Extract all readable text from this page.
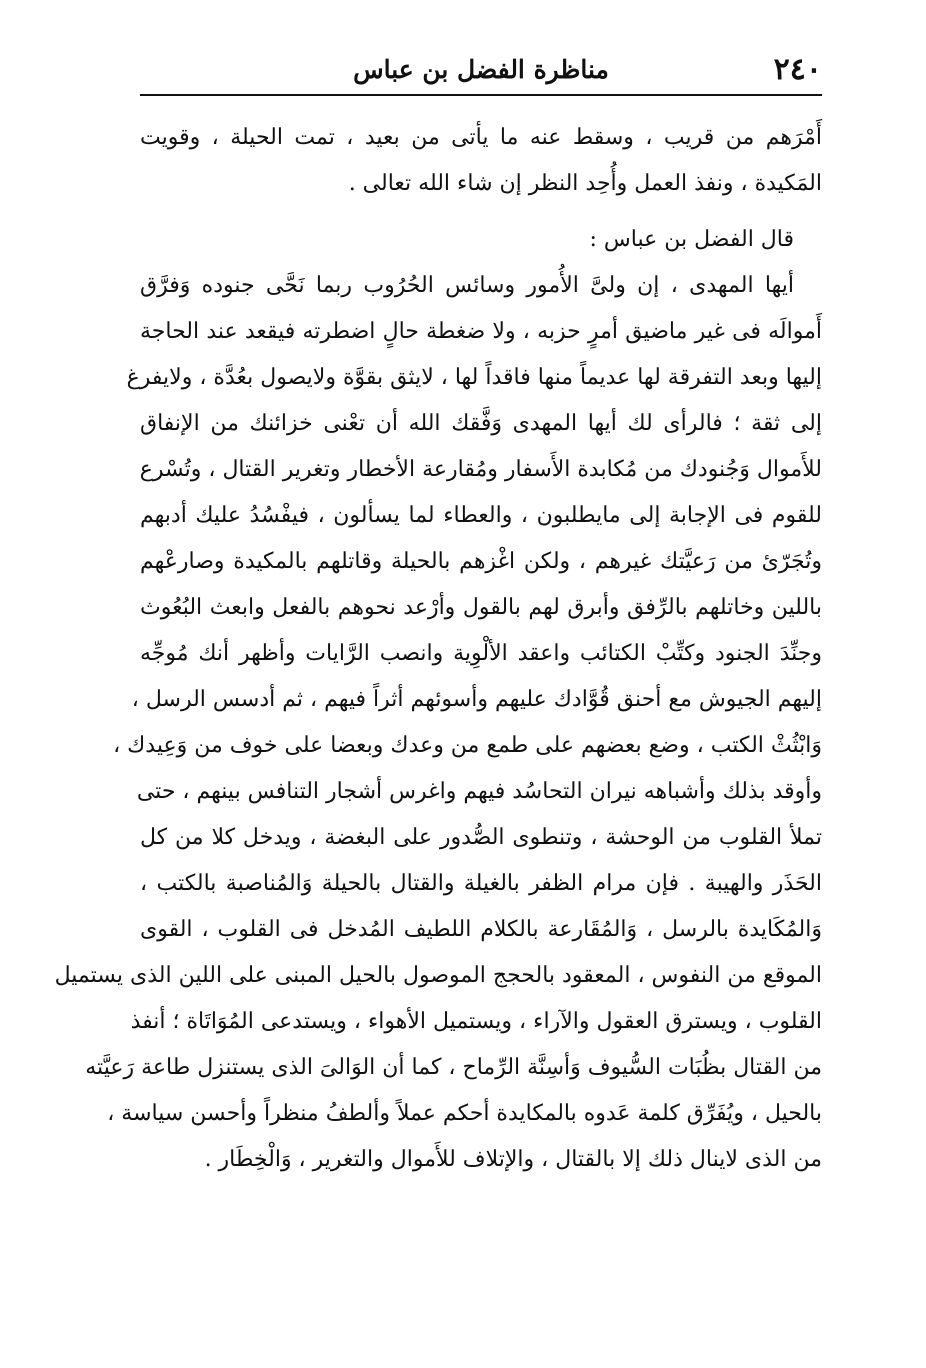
٢٤٠
مناظرة الفضل بن عباس
أَمْرَهم من قريب ، وسقط عنه ما يأتى من بعيد ، تمت الحيلة ، وقويت
المَكيدة ، ونفذ العمل وأُحِد النظر إن شاء الله تعالى .
قال الفضل بن عباس :
أيها المهدى ، إن ولىَّ الأُمور وسائس الحُرُوب ربما نَحَّى جنوده وَفرَّق
أَموالَه فى غير ماضيق أمرٍ حزبه ، ولا ضغطة حالٍ اضطرته فيقعد عند الحاجة
إليها وبعد التفرقة لها عديماً منها فاقداً لها ، لايثق بقوَّة ولايصول بعُدَّة ، ولايفرغ
إلى ثقة ؛ فالرأى لك أيها المهدى وَفَّقك الله أن تعْنى خزائنك من الإنفاق
للأَموال وَجُنودك من مُكابدة الأَسفار ومُقارعة الأخطار وتغرير القتال ، وتُسْرع
للقوم فى الإجابة إلى مايطلبون ، والعطاء لما يسألون ، فيفْسُدُ عليك أدبهم
وتُجَرّئ من رَعيَّتك غيرهم ، ولكن اغْزهم بالحيلة وقاتلهم بالمكيدة وصارعْهم
باللين وخاتلهم بالرِّفق وأبرق لهم بالقول وأرْعد نحوهم بالفعل وابعث البُعُوث
وجنِّدَ الجنود وكتِّبْ الكتائب واعقد الألْوِية وانصب الرَّايات وأظهر أنك مُوجِّه
إليهم الجيوش مع أحنق قُوَّادك عليهم وأسوئهم أثراً فيهم ، ثم أدسس الرسل ،
وَابْثُثْ الكتب ، وضع بعضهم على طمع من وعدك وبعضا على خوف من وَعِيدك ،
وأوقد بذلك وأشباهه نيران التحاسُد فيهم واغرس أشجار التنافس بينهم ، حتى
تملأ القلوب من الوحشة ، وتنطوى الصُّدور على البغضة ، ويدخل كلا من كل
الحَذَر والهيبة . فإن مرام الظفر بالغيلة والقتال بالحيلة وَالمُناصبة بالكتب ،
وَالمُكَايدة بالرسل ، وَالمُقَارعة بالكلام اللطيف المُدخل فى القلوب ، القوى
الموقع من النفوس ، المعقود بالحجج الموصول بالحيل المبنى على اللين الذى يستميل
القلوب ، ويسترق العقول والآراء ، ويستميل الأهواء ، ويستدعى المُوَاتَاة ؛ أنفذ
من القتال بظُبَات السُّيوف وَأسِنَّة الرِّماح ، كما أن الوَالىَ الذى يستنزل طاعة رَعيَّته
بالحيل ، ويُفَرِّق كلمة عَدوه بالمكايدة أحكم عملاً وألطفُ منظراً وأحسن سياسة ،
من الذى لاينال ذلك إلا بالقتال ، والإتلاف للأَموال والتغرير ، وَالْخِطَار .
